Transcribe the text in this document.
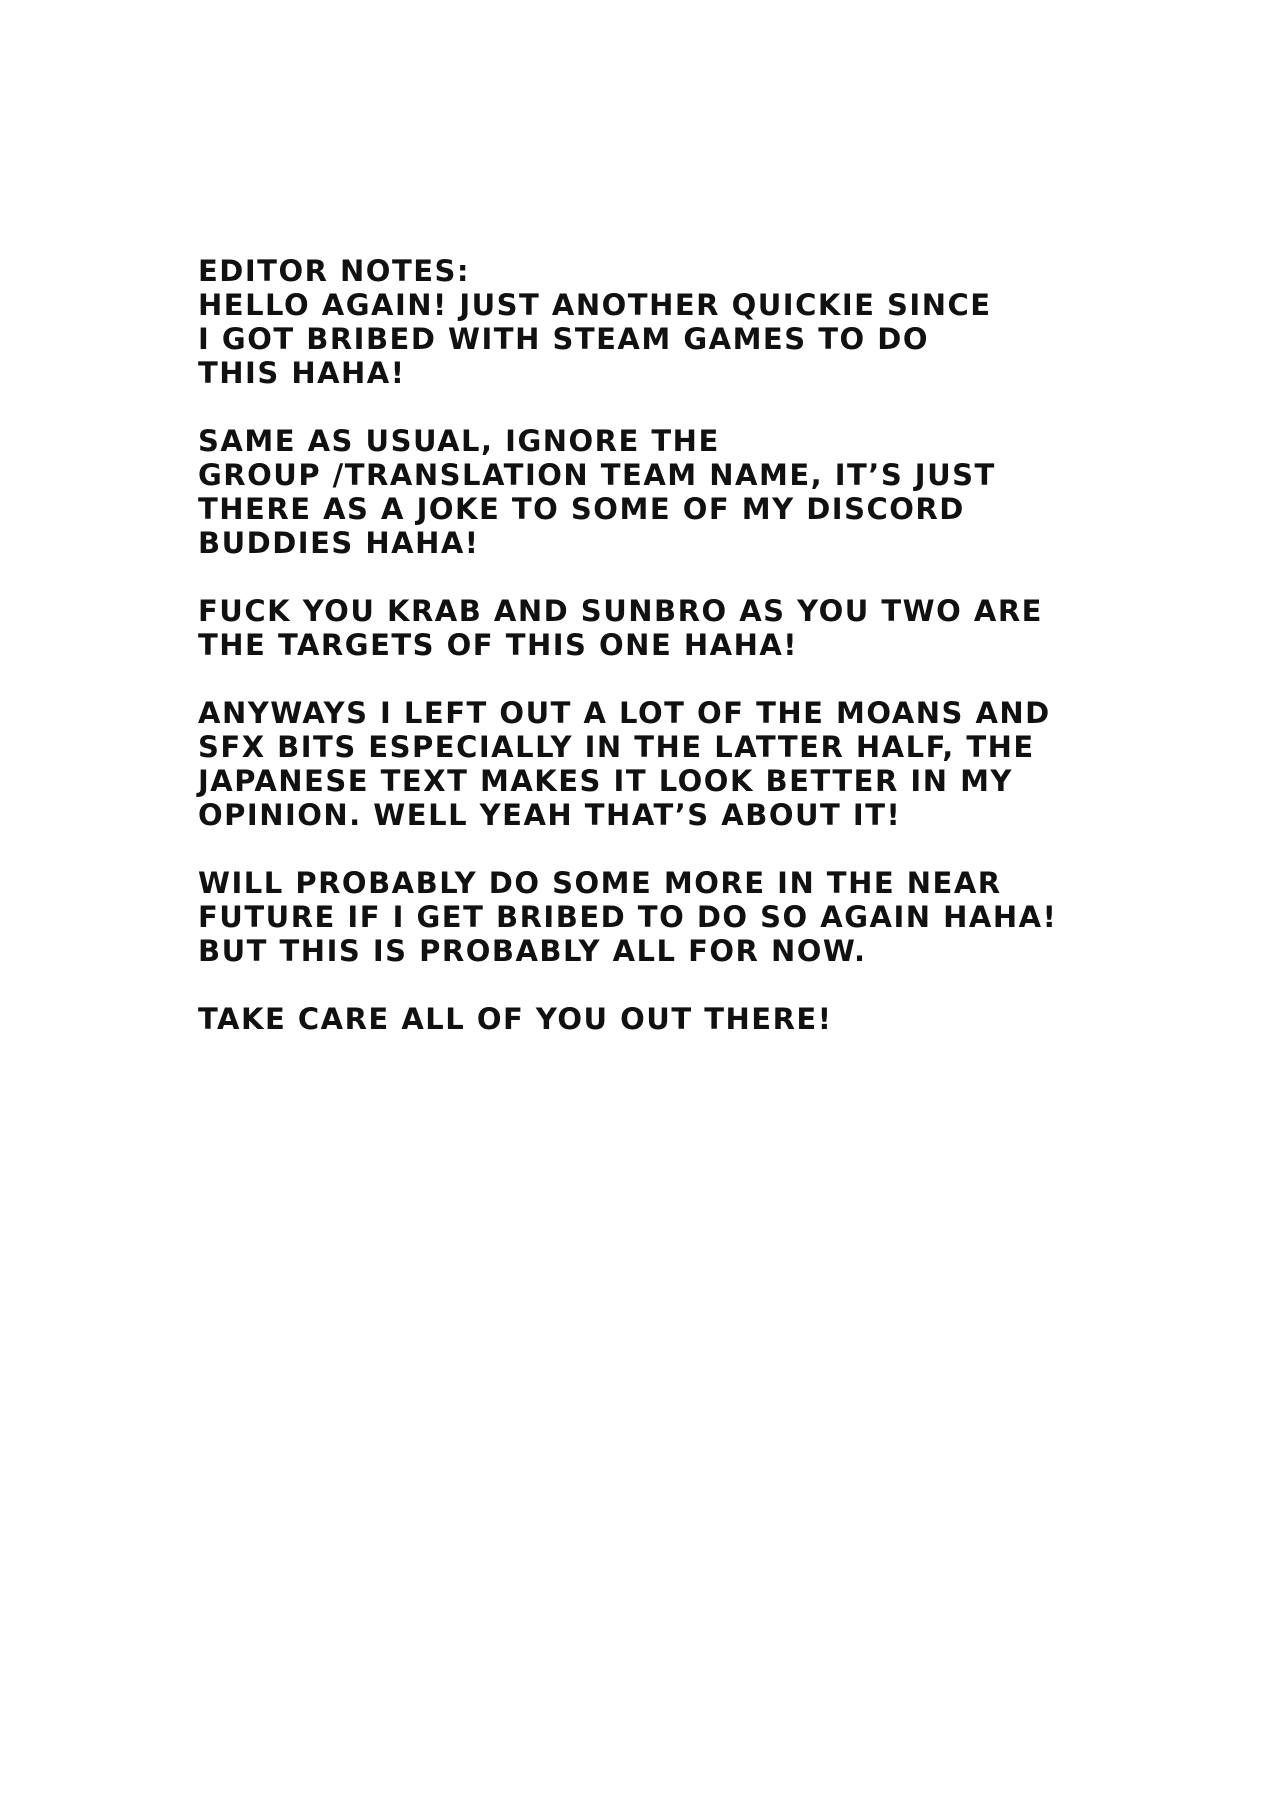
EDITOR NOTES:
HELLO AGAIN! JUST ANOTHER QUICKIE SINCE
I GOT BRIBED WITH STEAM GAMES TO DO
THIS HAHA!
SAME AS USUAL, IGNORE THE
GROUP /TRANSLATION TEAM NAME, IT’S JUST
THERE AS A JOKE TO SOME OF MY DISCORD
BUDDIES HAHA!
FUCK YOU KRAB AND SUNBRO AS YOU TWO ARE
THE TARGETS OF THIS ONE HAHA!
ANYWAYS I LEFT OUT A LOT OF THE MOANS AND
SFX BITS ESPECIALLY IN THE LATTER HALF, THE
JAPANESE TEXT MAKES IT LOOK BETTER IN MY
OPINION. WELL YEAH THAT’S ABOUT IT!
WILL PROBABLY DO SOME MORE IN THE NEAR
FUTURE IF I GET BRIBED TO DO SO AGAIN HAHA!
BUT THIS IS PROBABLY ALL FOR NOW.
TAKE CARE ALL OF YOU OUT THERE!
